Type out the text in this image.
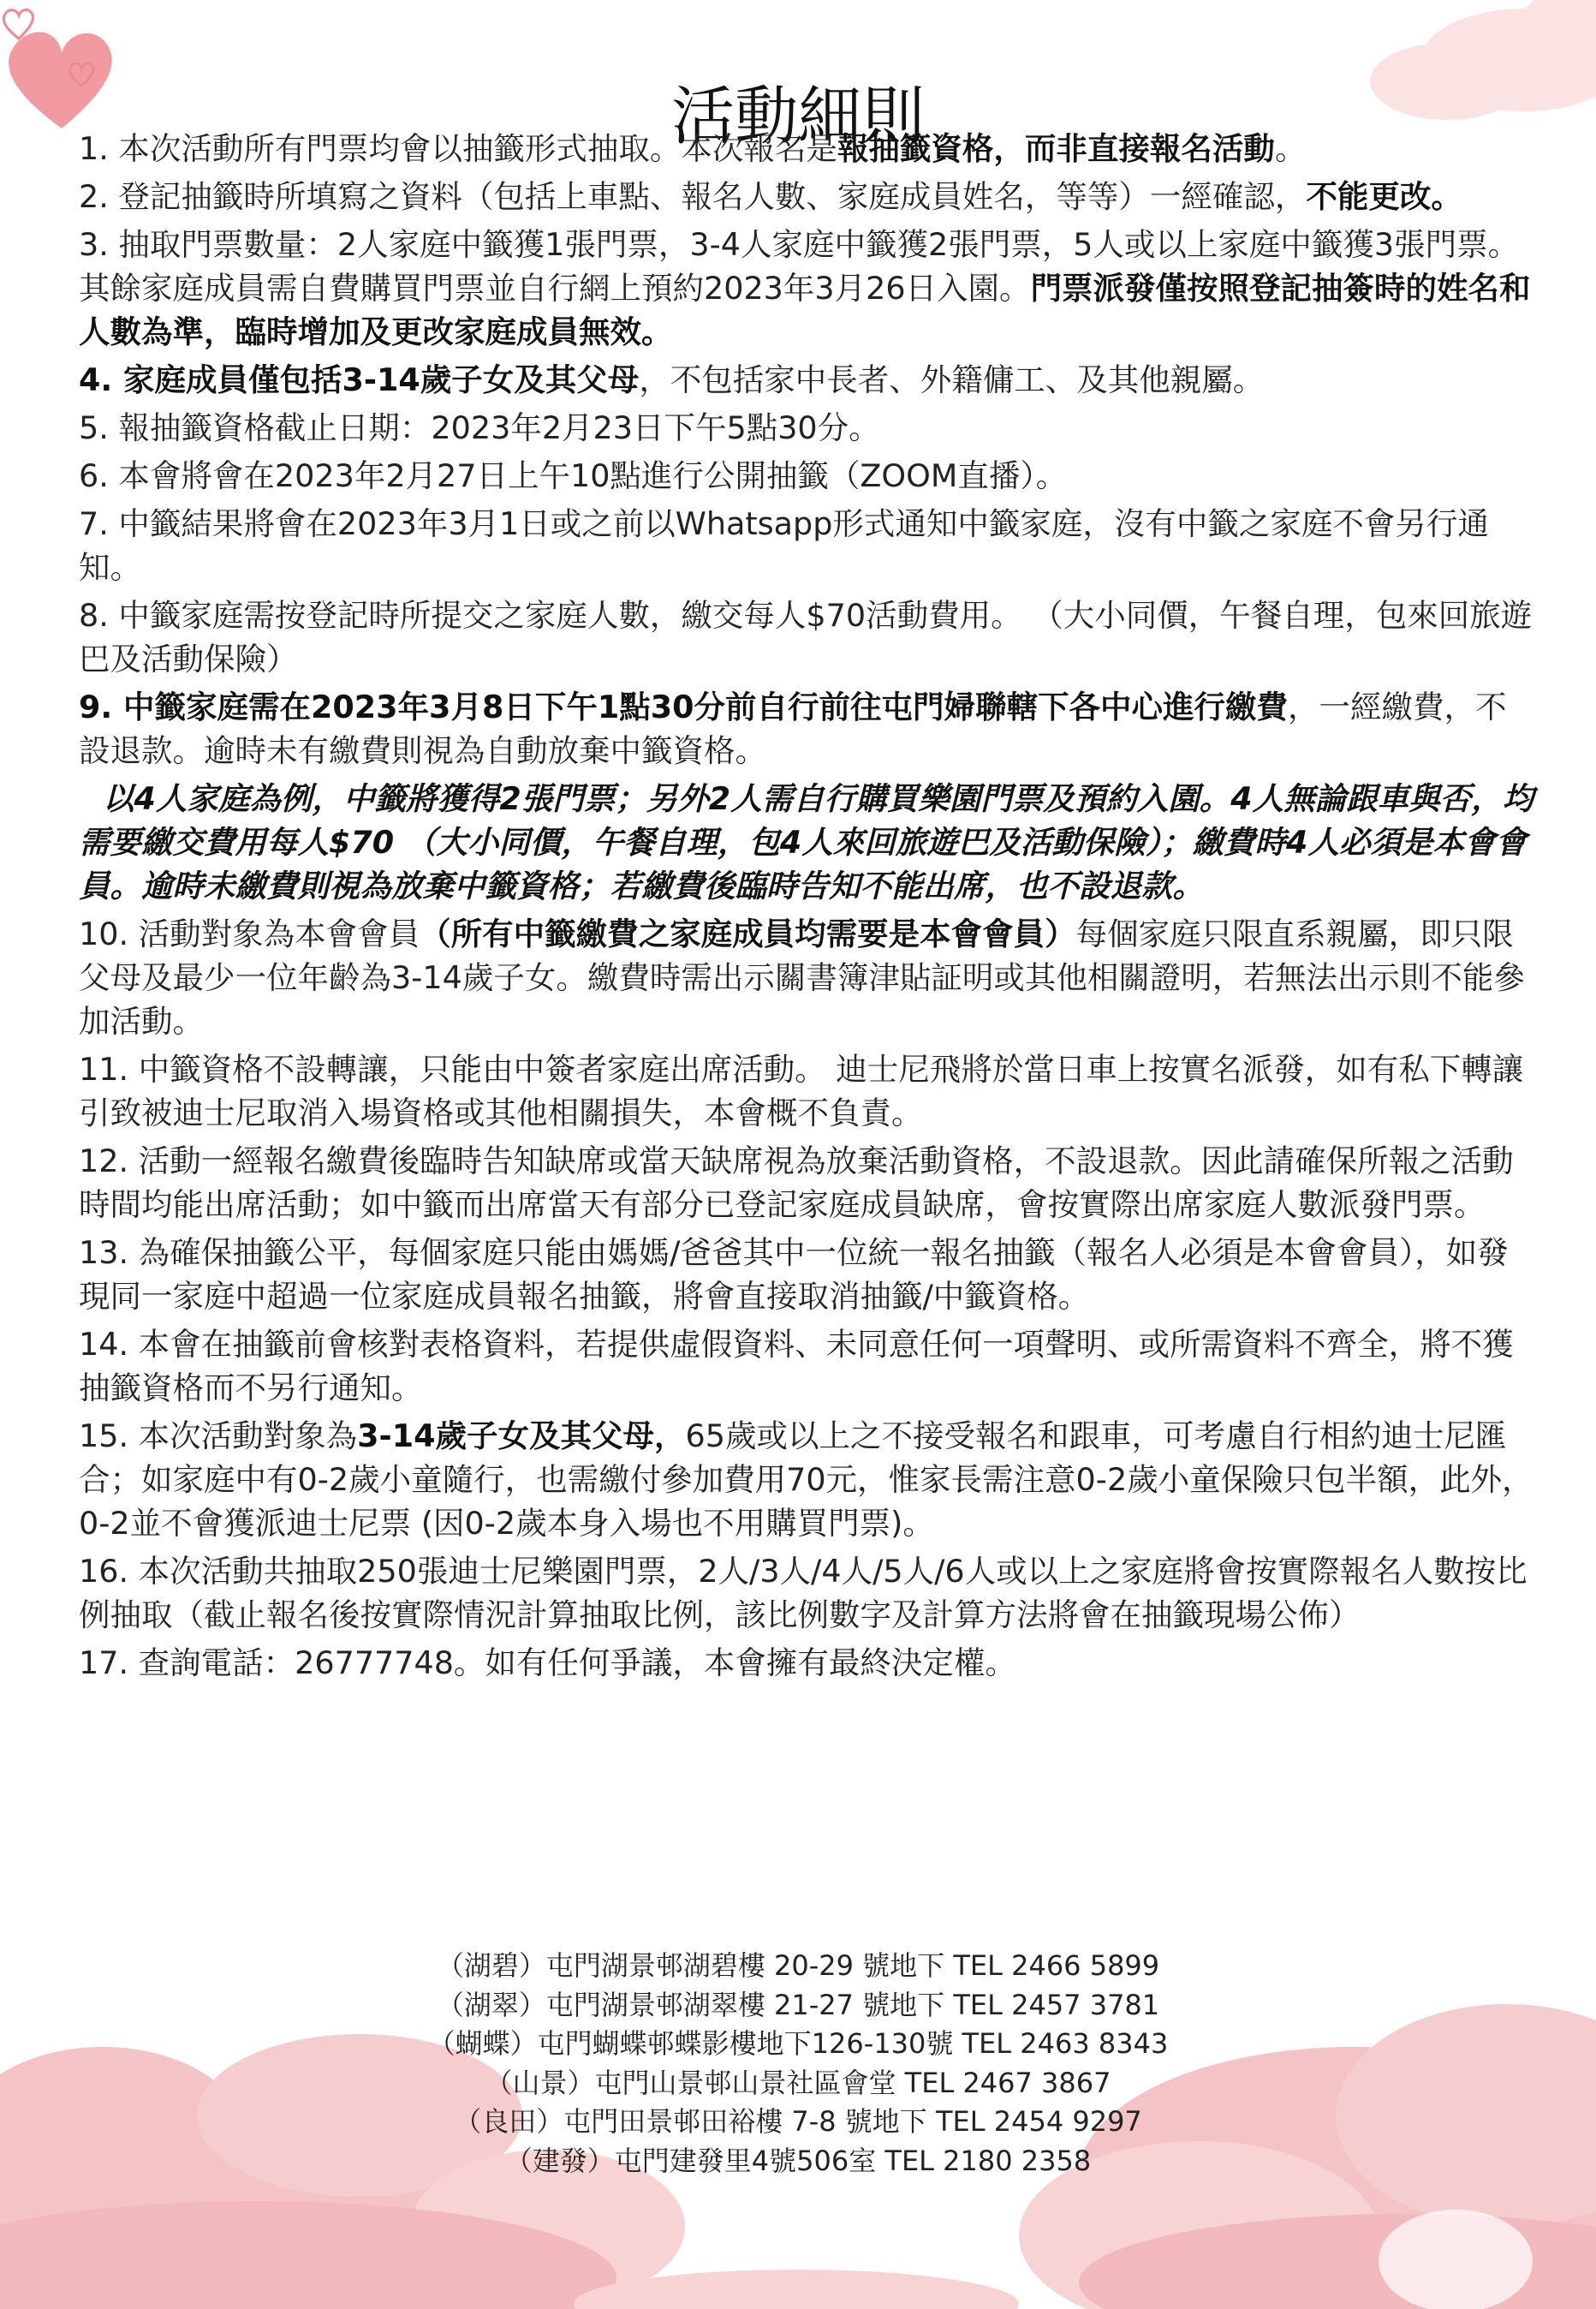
活動細則
1. 本次活動所有門票均會以抽籤形式抽取。本次報名是報抽籤資格，而非直接報名活動。
2. 登記抽籤時所填寫之資料（包括上車點、報名人數、家庭成員姓名，等等）一經確認，不能更改。
3. 抽取門票數量：2人家庭中籤獲1張門票，3-4人家庭中籤獲2張門票，5人或以上家庭中籤獲3張門票。其餘家庭成員需自費購買門票並自行網上預約2023年3月26日入園。門票派發僅按照登記抽簽時的姓名和人數為準，臨時增加及更改家庭成員無效。
4. 家庭成員僅包括3-14歲子女及其父母，不包括家中長者、外籍傭工、及其他親屬。
5. 報抽籤資格截止日期：2023年2月23日下午5點30分。
6. 本會將會在2023年2月27日上午10點進行公開抽籤（ZOOM直播）。
7. 中籤結果將會在2023年3月1日或之前以Whatsapp形式通知中籤家庭，沒有中籤之家庭不會另行通知。
8. 中籤家庭需按登記時所提交之家庭人數，繳交每人$70活動費用。 （大小同價，午餐自理，包來回旅遊巴及活動保險）
9. 中籤家庭需在2023年3月8日下午1點30分前自行前往屯門婦聯轄下各中心進行繳費，一經繳費，不設退款。逾時未有繳費則視為自動放棄中籤資格。
以4人家庭為例，中籤將獲得2張門票；另外2人需自行購買樂園門票及預約入園。4人無論跟車與否，均需要繳交費用每人$70 （大小同價，午餐自理，包4人來回旅遊巴及活動保險）；繳費時4人必須是本會會員。逾時未繳費則視為放棄中籤資格；若繳費後臨時告知不能出席，也不設退款。
10. 活動對象為本會會員（所有中籤繳費之家庭成員均需要是本會會員）每個家庭只限直系親屬，即只限父母及最少一位年齡為3-14歲子女。繳費時需出示關書簿津貼証明或其他相關證明，若無法出示則不能參加活動。
11. 中籤資格不設轉讓，只能由中簽者家庭出席活動。 迪士尼飛將於當日車上按實名派發，如有私下轉讓引致被迪士尼取消入場資格或其他相關損失，本會概不負責。
12. 活動一經報名繳費後臨時告知缺席或當天缺席視為放棄活動資格，不設退款。因此請確保所報之活動時間均能出席活動；如中籤而出席當天有部分已登記家庭成員缺席，會按實際出席家庭人數派發門票。
13. 為確保抽籤公平，每個家庭只能由媽媽/爸爸其中一位統一報名抽籤（報名人必須是本會會員），如發現同一家庭中超過一位家庭成員報名抽籤，將會直接取消抽籤/中籤資格。
14. 本會在抽籤前會核對表格資料，若提供虛假資料、未同意任何一項聲明、或所需資料不齊全，將不獲抽籤資格而不另行通知。
15. 本次活動對象為3-14歲子女及其父母，65歲或以上之不接受報名和跟車，可考慮自行相約迪士尼匯合；如家庭中有0-2歲小童隨行，也需繳付參加費用70元，惟家長需注意0-2歲小童保險只包半額，此外，0-2並不會獲派迪士尼票 (因0-2歲本身入場也不用購買門票)。
16. 本次活動共抽取250張迪士尼樂園門票，2人/3人/4人/5人/6人或以上之家庭將會按實際報名人數按比例抽取（截止報名後按實際情況計算抽取比例，該比例數字及計算方法將會在抽籤現場公佈）
17. 查詢電話：26777748。如有任何爭議，本會擁有最終決定權。
（湖碧）屯門湖景邨湖碧樓 20-29 號地下 TEL 2466 5899
（湖翠）屯門湖景邨湖翠樓 21-27 號地下 TEL 2457 3781
（蝴蝶）屯門蝴蝶邨蝶影樓地下126-130號 TEL 2463 8343
（山景）屯門山景邨山景社區會堂 TEL 2467 3867
（良田）屯門田景邨田裕樓 7-8 號地下 TEL 2454 9297
（建發）屯門建發里4號506室 TEL 2180 2358
